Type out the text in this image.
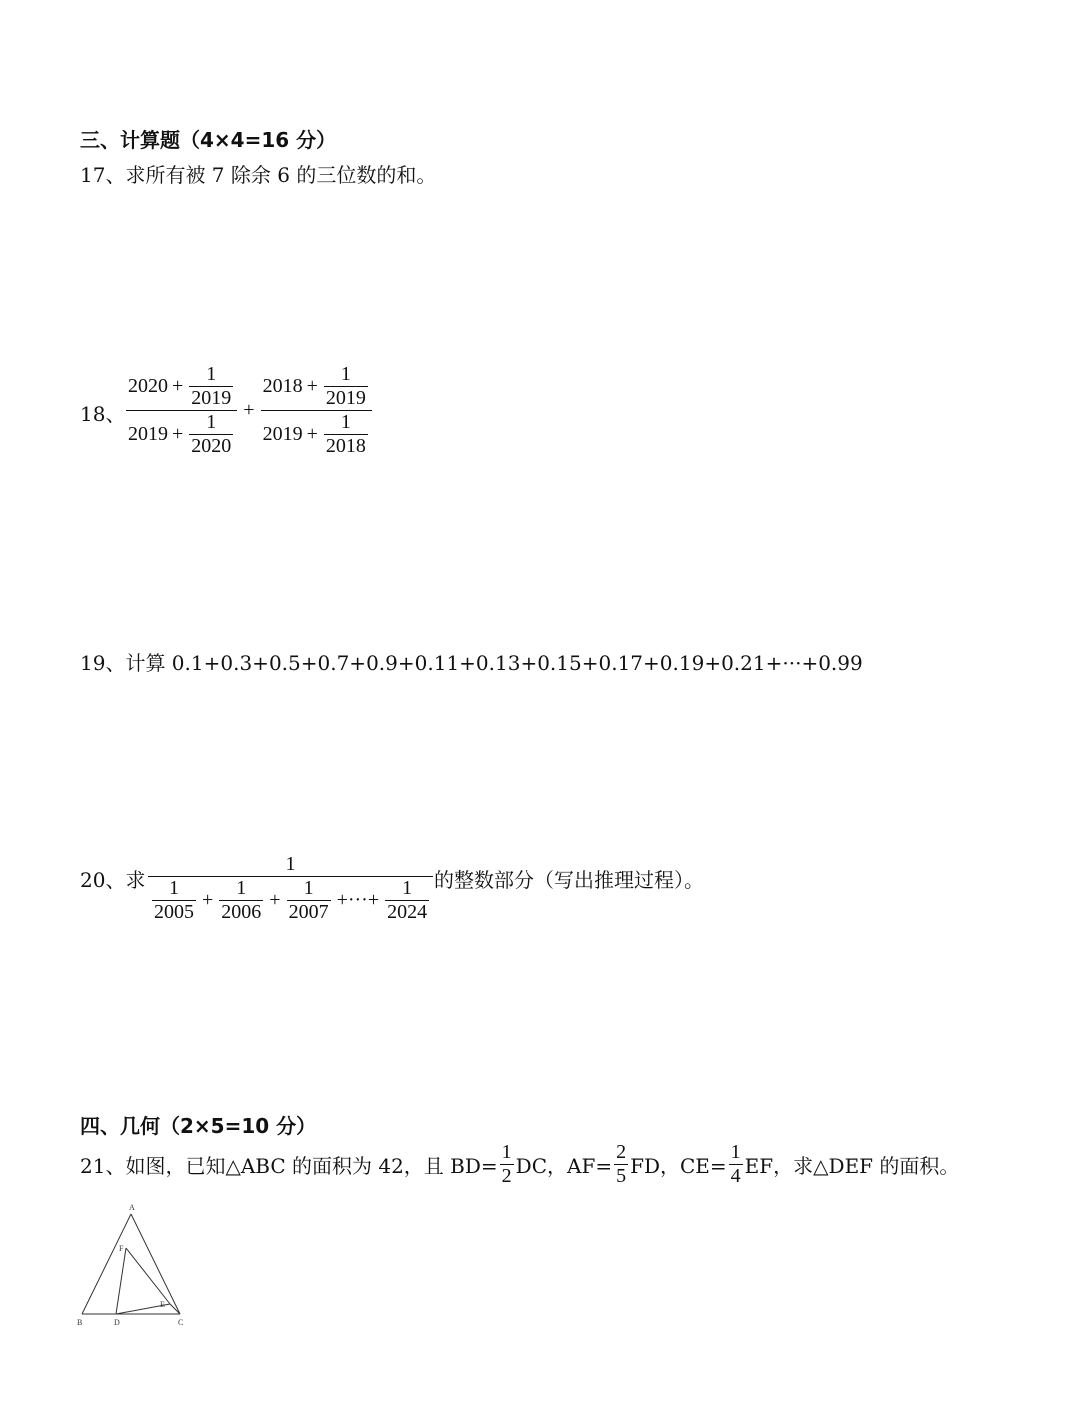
三、计算题（4×4=16 分）
17、求所有被 7 除余 6 的三位数的和。
18、 $\frac{2020 + \frac{1}{2019}}{2019 + \frac{1}{2020}} + \frac{2018 + \frac{1}{2019}}{2019 + \frac{1}{2018}}$
19、计算 0.1+0.3+0.5+0.7+0.9+0.11+0.13+0.15+0.17+0.19+0.21+···+0.99
20、求
1
$\frac{1}{2005} + \frac{1}{2006} + \frac{1}{2007}$ +···+ $\frac{1}{2024}$ 的整数部分（写出推理过程）。
四、几何（2×5=10 分）
21、 如图，已知△ABC 的面积为 42，且 $BD= \frac{1}{2}$ DC，$AF= \frac{2}{5}$ FD，$CE= \frac{1}{4}$ EF，求△DEF 的面积。
A
B	C
D
E
F
